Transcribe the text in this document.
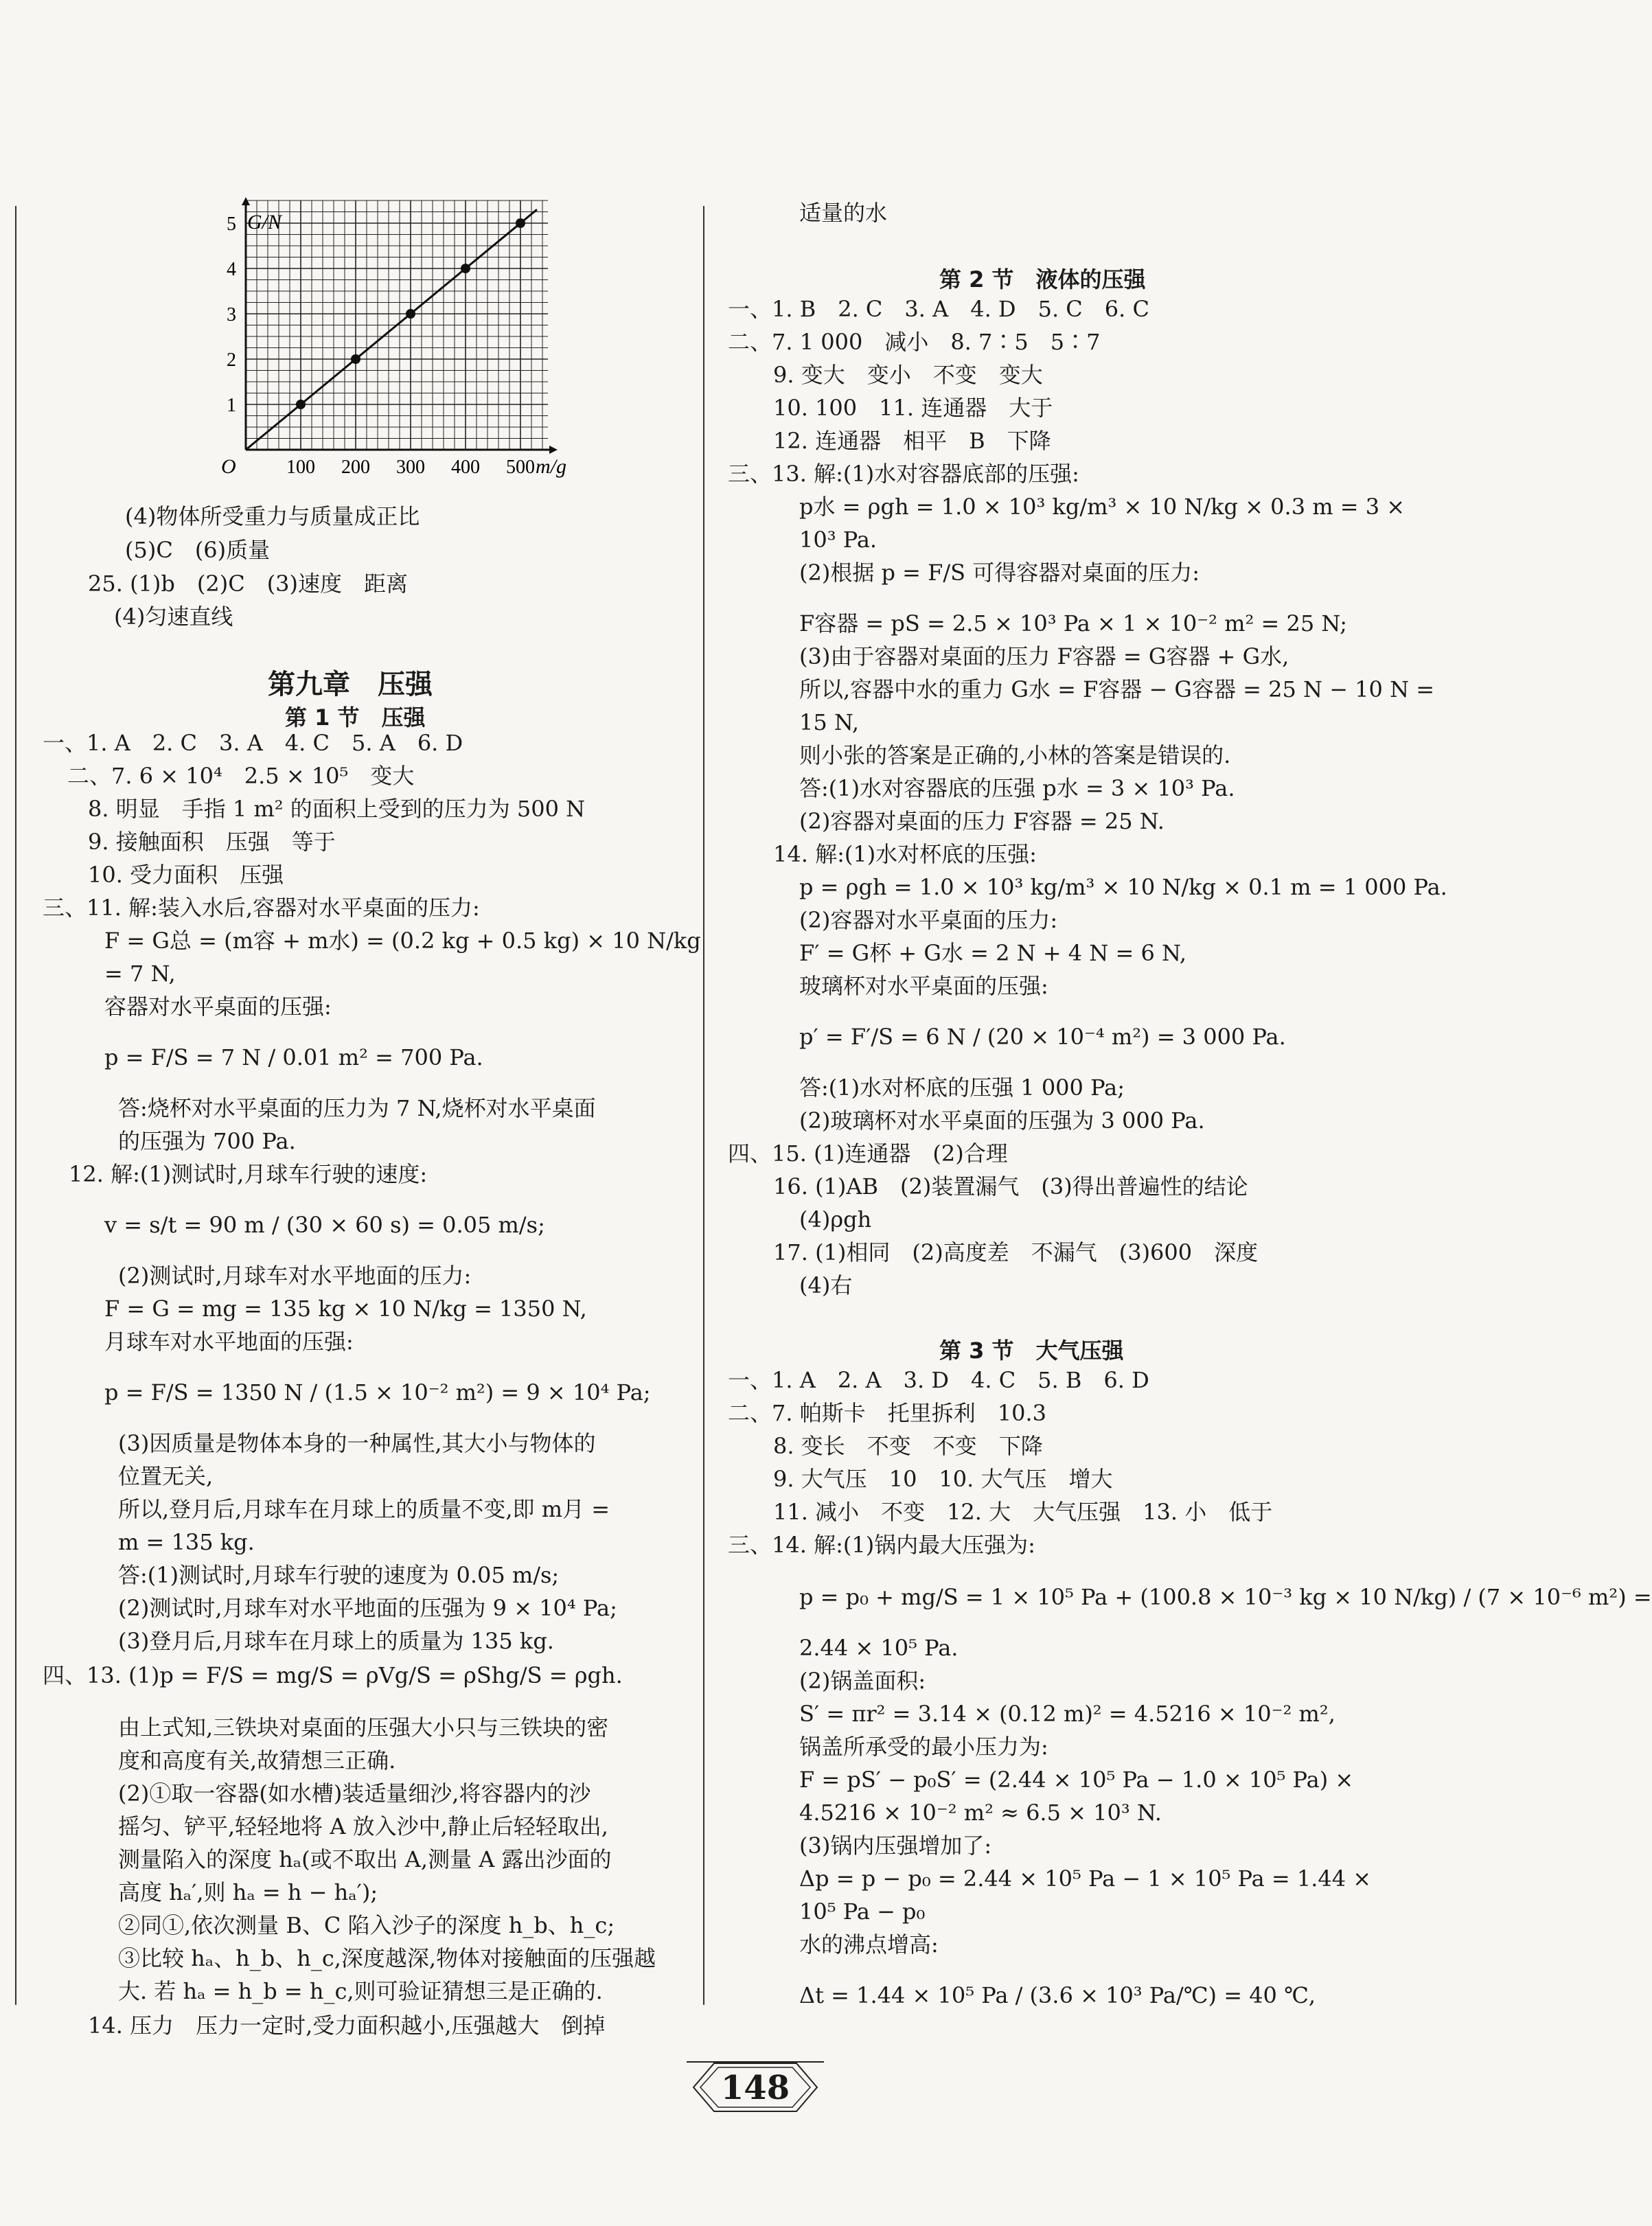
100 200 300 400 500
1
2
3
4
5 G/N
m/g
O
(4)物体所受重力与质量成正比
(5)C　(6)质量
25. (1)b　(2)C　(3)速度　距离
(4)匀速直线
第九章　压强
第 1 节　压强
一、1. A　2. C　3. A　4. C　5. A　6. D
二、7. 6 × 10⁴　2.5 × 10⁵　变大
8. 明显　手指 1 m² 的面积上受到的压力为 500 N
9. 接触面积　压强　等于
10. 受力面积　压强
三、11. 解:装入水后,容器对水平桌面的压力:
F = G总 = (m容 + m水) = (0.2 kg + 0.5 kg) × 10 N/kg
= 7 N,
容器对水平桌面的压强:
p = F/S = 7 N / 0.01 m² = 700 Pa.
答:烧杯对水平桌面的压力为 7 N,烧杯对水平桌面
的压强为 700 Pa.
12. 解:(1)测试时,月球车行驶的速度:
v = s/t = 90 m / (30 × 60 s) = 0.05 m/s;
(2)测试时,月球车对水平地面的压力:
F = G = mg = 135 kg × 10 N/kg = 1350 N,
月球车对水平地面的压强:
p = F/S = 1350 N / (1.5 × 10⁻² m²) = 9 × 10⁴ Pa;
(3)因质量是物体本身的一种属性,其大小与物体的
位置无关,
所以,登月后,月球车在月球上的质量不变,即 m月 =
m = 135 kg.
答:(1)测试时,月球车行驶的速度为 0.05 m/s;
(2)测试时,月球车对水平地面的压强为 9 × 10⁴ Pa;
(3)登月后,月球车在月球上的质量为 135 kg.
四、13. (1)p = F/S = mg/S = ρVg/S = ρShg/S = ρgh.
由上式知,三铁块对桌面的压强大小只与三铁块的密
度和高度有关,故猜想三正确.
(2)①取一容器(如水槽)装适量细沙,将容器内的沙
摇匀、铲平,轻轻地将 A 放入沙中,静止后轻轻取出,
测量陷入的深度 hₐ(或不取出 A,测量 A 露出沙面的
高度 hₐ′,则 hₐ = h − hₐ′);
②同①,依次测量 B、C 陷入沙子的深度 h_b、h_c;
③比较 hₐ、h_b、h_c,深度越深,物体对接触面的压强越
大. 若 hₐ = h_b = h_c,则可验证猜想三是正确的.
14. 压力　压力一定时,受力面积越小,压强越大　倒掉
适量的水
第 2 节　液体的压强
一、1. B　2. C　3. A　4. D　5. C　6. C
二、7. 1 000　减小　8. 7∶5　5∶7
9. 变大　变小　不变　变大
10. 100　11. 连通器　大于
12. 连通器　相平　B　下降
三、13. 解:(1)水对容器底部的压强:
p水 = ρgh = 1.0 × 10³ kg/m³ × 10 N/kg × 0.3 m = 3 ×
10³ Pa.
(2)根据 p = F/S 可得容器对桌面的压力:
F容器 = pS = 2.5 × 10³ Pa × 1 × 10⁻² m² = 25 N;
(3)由于容器对桌面的压力 F容器 = G容器 + G水,
所以,容器中水的重力 G水 = F容器 − G容器 = 25 N − 10 N =
15 N,
则小张的答案是正确的,小林的答案是错误的.
答:(1)水对容器底的压强 p水 = 3 × 10³ Pa.
(2)容器对桌面的压力 F容器 = 25 N.
14. 解:(1)水对杯底的压强:
p = ρgh = 1.0 × 10³ kg/m³ × 10 N/kg × 0.1 m = 1 000 Pa.
(2)容器对水平桌面的压力:
F′ = G杯 + G水 = 2 N + 4 N = 6 N,
玻璃杯对水平桌面的压强:
p′ = F′/S = 6 N / (20 × 10⁻⁴ m²) = 3 000 Pa.
答:(1)水对杯底的压强 1 000 Pa;
(2)玻璃杯对水平桌面的压强为 3 000 Pa.
四、15. (1)连通器　(2)合理
16. (1)AB　(2)装置漏气　(3)得出普遍性的结论
(4)ρgh
17. (1)相同　(2)高度差　不漏气　(3)600　深度
(4)右
第 3 节　大气压强
一、1. A　2. A　3. D　4. C　5. B　6. D
二、7. 帕斯卡　托里拆利　10.3
8. 变长　不变　不变　下降
9. 大气压　10　10. 大气压　增大
11. 减小　不变　12. 大　大气压强　13. 小　低于
三、14. 解:(1)锅内最大压强为:
p = p₀ + mg/S = 1 × 10⁵ Pa + (100.8 × 10⁻³ kg × 10 N/kg) / (7 × 10⁻⁶ m²) =
2.44 × 10⁵ Pa.
(2)锅盖面积:
S′ = πr² = 3.14 × (0.12 m)² = 4.5216 × 10⁻² m²,
锅盖所承受的最小压力为:
F = pS′ − p₀S′ = (2.44 × 10⁵ Pa − 1.0 × 10⁵ Pa) ×
4.5216 × 10⁻² m² ≈ 6.5 × 10³ N.
(3)锅内压强增加了:
Δp = p − p₀ = 2.44 × 10⁵ Pa − 1 × 10⁵ Pa = 1.44 ×
10⁵ Pa − p₀
水的沸点增高:
Δt = 1.44 × 10⁵ Pa / (3.6 × 10³ Pa/℃) = 40 ℃,
148
